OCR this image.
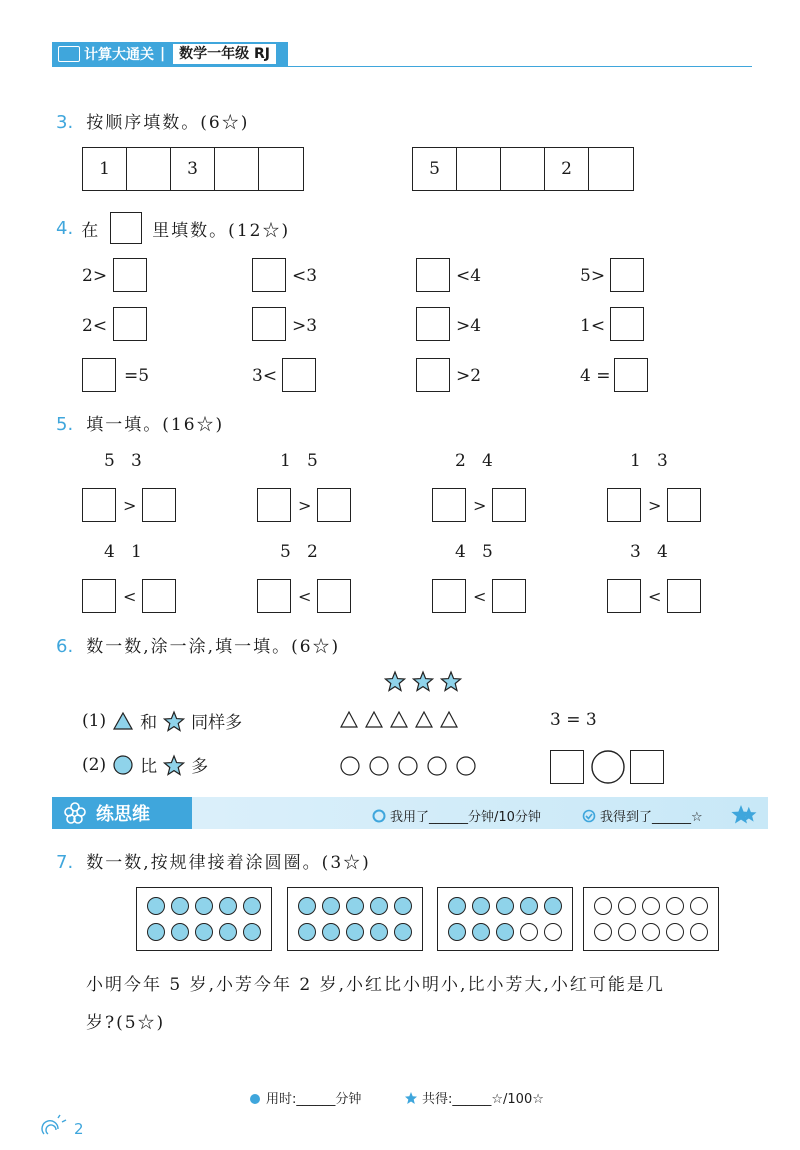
计算大通关 |	数学一年级 RJ
3. 按顺序填数。(6☆)
1	3	5	2
4. 在	里填数。(12☆)
2>	<3	<4	5>
2<	>3	>4	1<
=5	3<	>2	4 =
5. 填一填。(16☆)
5   3	1   5	2   4	1   3
>	>	>	>
4   1	5   2	4   5	3   4
<	<	<	<
6. 数一数,涂一涂,填一填。(6☆)
(1) 和 同样多	3 = 3
(2) 比 多
练思维	我用了______分钟/10分钟	我得到了______☆
7. 数一数,按规律接着涂圆圈。(3☆)
小明今年 5 岁,小芳今年 2 岁,小红比小明小,比小芳大,小红可能是几
岁?(5☆)
用时:______分钟	共得:______☆/100☆
2
